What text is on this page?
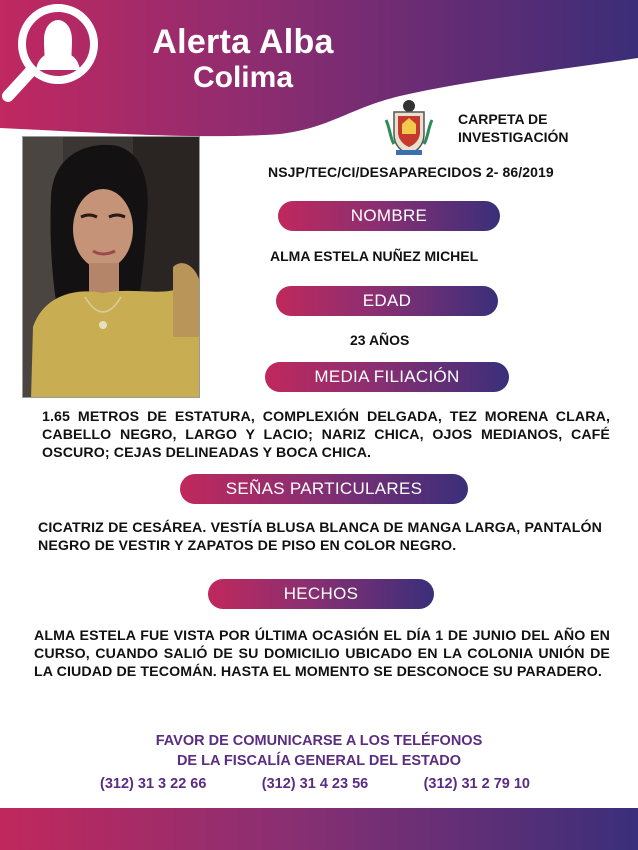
Alerta Alba
Colima
CARPETA DE
INVESTIGACIÓN
NSJP/TEC/CI/DESAPARECIDOS 2- 86/2019
NOMBRE
ALMA ESTELA NUÑEZ MICHEL
EDAD
23 AÑOS
MEDIA FILIACIÓN
1.65 METROS DE ESTATURA, COMPLEXIÓN DELGADA, TEZ MORENA CLARA, CABELLO NEGRO, LARGO Y LACIO; NARIZ CHICA, OJOS MEDIANOS, CAFÉ OSCURO; CEJAS DELINEADAS Y BOCA CHICA.
SEÑAS PARTICULARES
CICATRIZ DE CESÁREA. VESTÍA BLUSA BLANCA DE MANGA LARGA, PANTALÓN NEGRO DE VESTIR Y ZAPATOS DE PISO EN COLOR NEGRO.
HECHOS
ALMA ESTELA FUE VISTA POR ÚLTIMA OCASIÓN EL DÍA 1 DE JUNIO DEL AÑO EN CURSO, CUANDO SALIÓ DE SU DOMICILIO UBICADO EN LA COLONIA UNIÓN DE LA CIUDAD DE TECOMÁN. HASTA EL MOMENTO SE DESCONOCE SU PARADERO.
FAVOR DE COMUNICARSE A LOS TELÉFONOS
DE LA FISCALÍA GENERAL DEL ESTADO
(312) 31 3 22 66	(312) 31 4 23 56	(312) 31 2 79 10
